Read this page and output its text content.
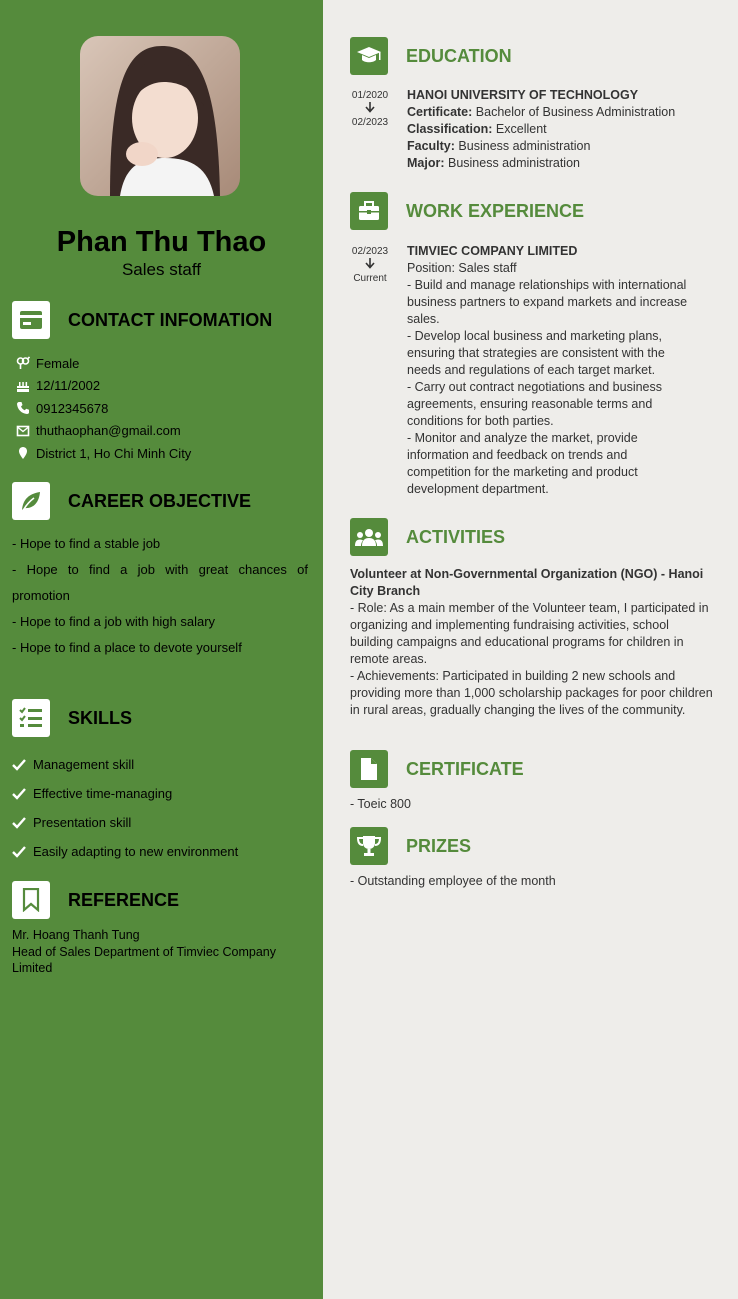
Phan Thu Thao
Sales staff
CONTACT INFOMATION
Female
12/11/2002
0912345678
thuthaophan@gmail.com
District 1, Ho Chi Minh City
CAREER OBJECTIVE

- Hope to find a stable job

- Hope to find a job with great chances of promotion

- Hope to find a job with high salary

- Hope to find a place to devote yourself

SKILLS
Management skill
Effective time-managing
Presentation skill
Easily adapting to new environment
REFERENCE
Mr. Hoang Thanh Tung
Head of Sales Department of Timviec Company Limited
EDUCATION
01/2020
02/2023
HANOI UNIVERSITY OF TECHNOLOGY
Certificate: Bachelor of Business Administration
Classification: Excellent
Faculty: Business administration
Major: Business administration
WORK EXPERIENCE
02/2023
Current
TIMVIEC COMPANY LIMITED
Position: Sales staff
- Build and manage relationships with international business partners to expand markets and increase sales.
- Develop local business and marketing plans, ensuring that strategies are consistent with the needs and regulations of each target market.
- Carry out contract negotiations and business agreements, ensuring reasonable terms and conditions for both parties.
- Monitor and analyze the market, provide information and feedback on trends and competition for the marketing and product development department.
ACTIVITIES
Volunteer at Non-Governmental Organization (NGO) - Hanoi City Branch
- Role: As a main member of the Volunteer team, I participated in organizing and implementing fundraising activities, school building campaigns and educational programs for children in remote areas.
- Achievements: Participated in building 2 new schools and providing more than 1,000 scholarship packages for poor children in rural areas, gradually changing the lives of the community.
CERTIFICATE
- Toeic 800
PRIZES
- Outstanding employee of the month
